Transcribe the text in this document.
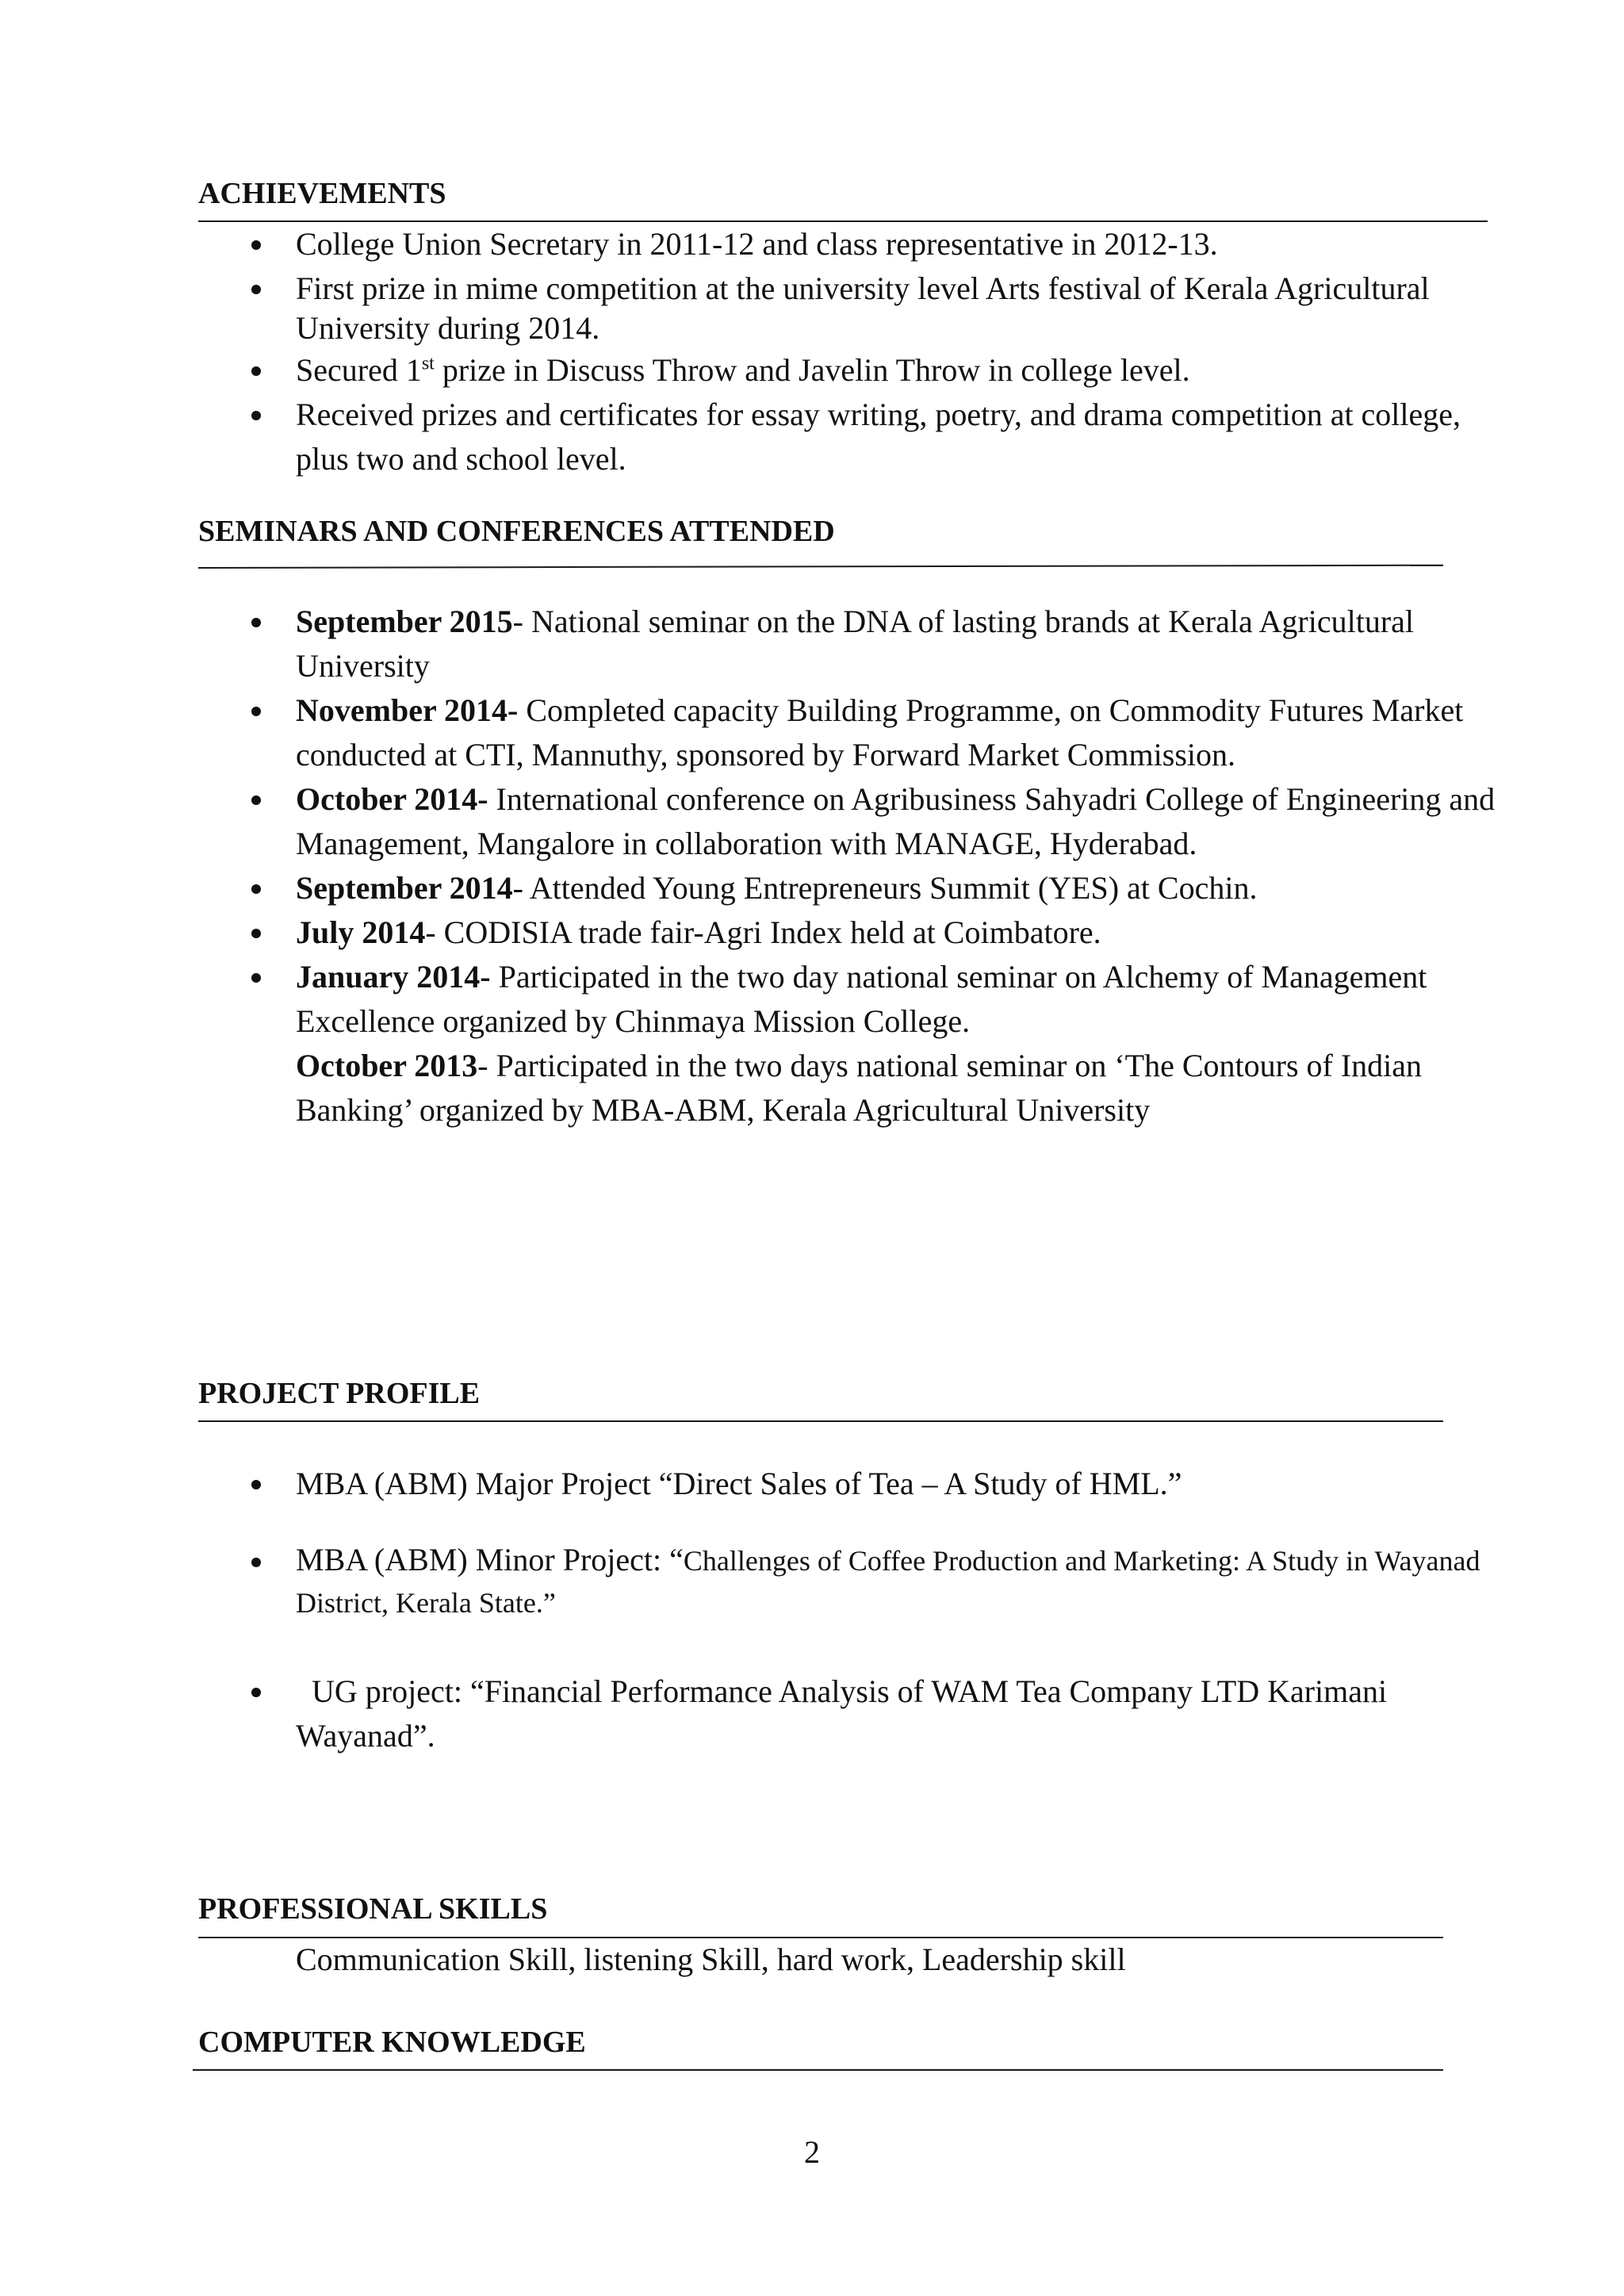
ACHIEVEMENTS
College Union Secretary in 2011-12 and class representative in 2012-13.
First prize in mime competition at the university level Arts festival of Kerala Agricultural University during 2014.
Secured 1st prize in Discuss Throw and Javelin Throw in college level.
Received prizes and certificates for essay writing, poetry, and drama competition at college, plus two and school level.
SEMINARS AND CONFERENCES ATTENDED
September 2015- National seminar on the DNA of lasting brands at Kerala Agricultural University
November 2014- Completed capacity Building Programme, on Commodity Futures Market conducted at CTI, Mannuthy, sponsored by Forward Market Commission.
October 2014- International conference on Agribusiness Sahyadri College of Engineering and Management, Mangalore in collaboration with MANAGE, Hyderabad.
September 2014- Attended Young Entrepreneurs Summit (YES) at Cochin.
July 2014- CODISIA trade fair-Agri Index held at Coimbatore.
January 2014- Participated in the two day national seminar on Alchemy of Management Excellence organized by Chinmaya Mission College.
October 2013- Participated in the two days national seminar on ‘The Contours of Indian Banking’ organized by MBA-ABM, Kerala Agricultural University
PROJECT PROFILE
MBA (ABM) Major Project “Direct Sales of Tea – A Study of HML.”
MBA (ABM) Minor Project: “Challenges of Coffee Production and Marketing: A Study in Wayanad District, Kerala State.”
UG project: “Financial Performance Analysis of WAM Tea Company LTD Karimani Wayanad”.
PROFESSIONAL SKILLS
Communication Skill, listening Skill, hard work, Leadership skill
COMPUTER KNOWLEDGE
2
